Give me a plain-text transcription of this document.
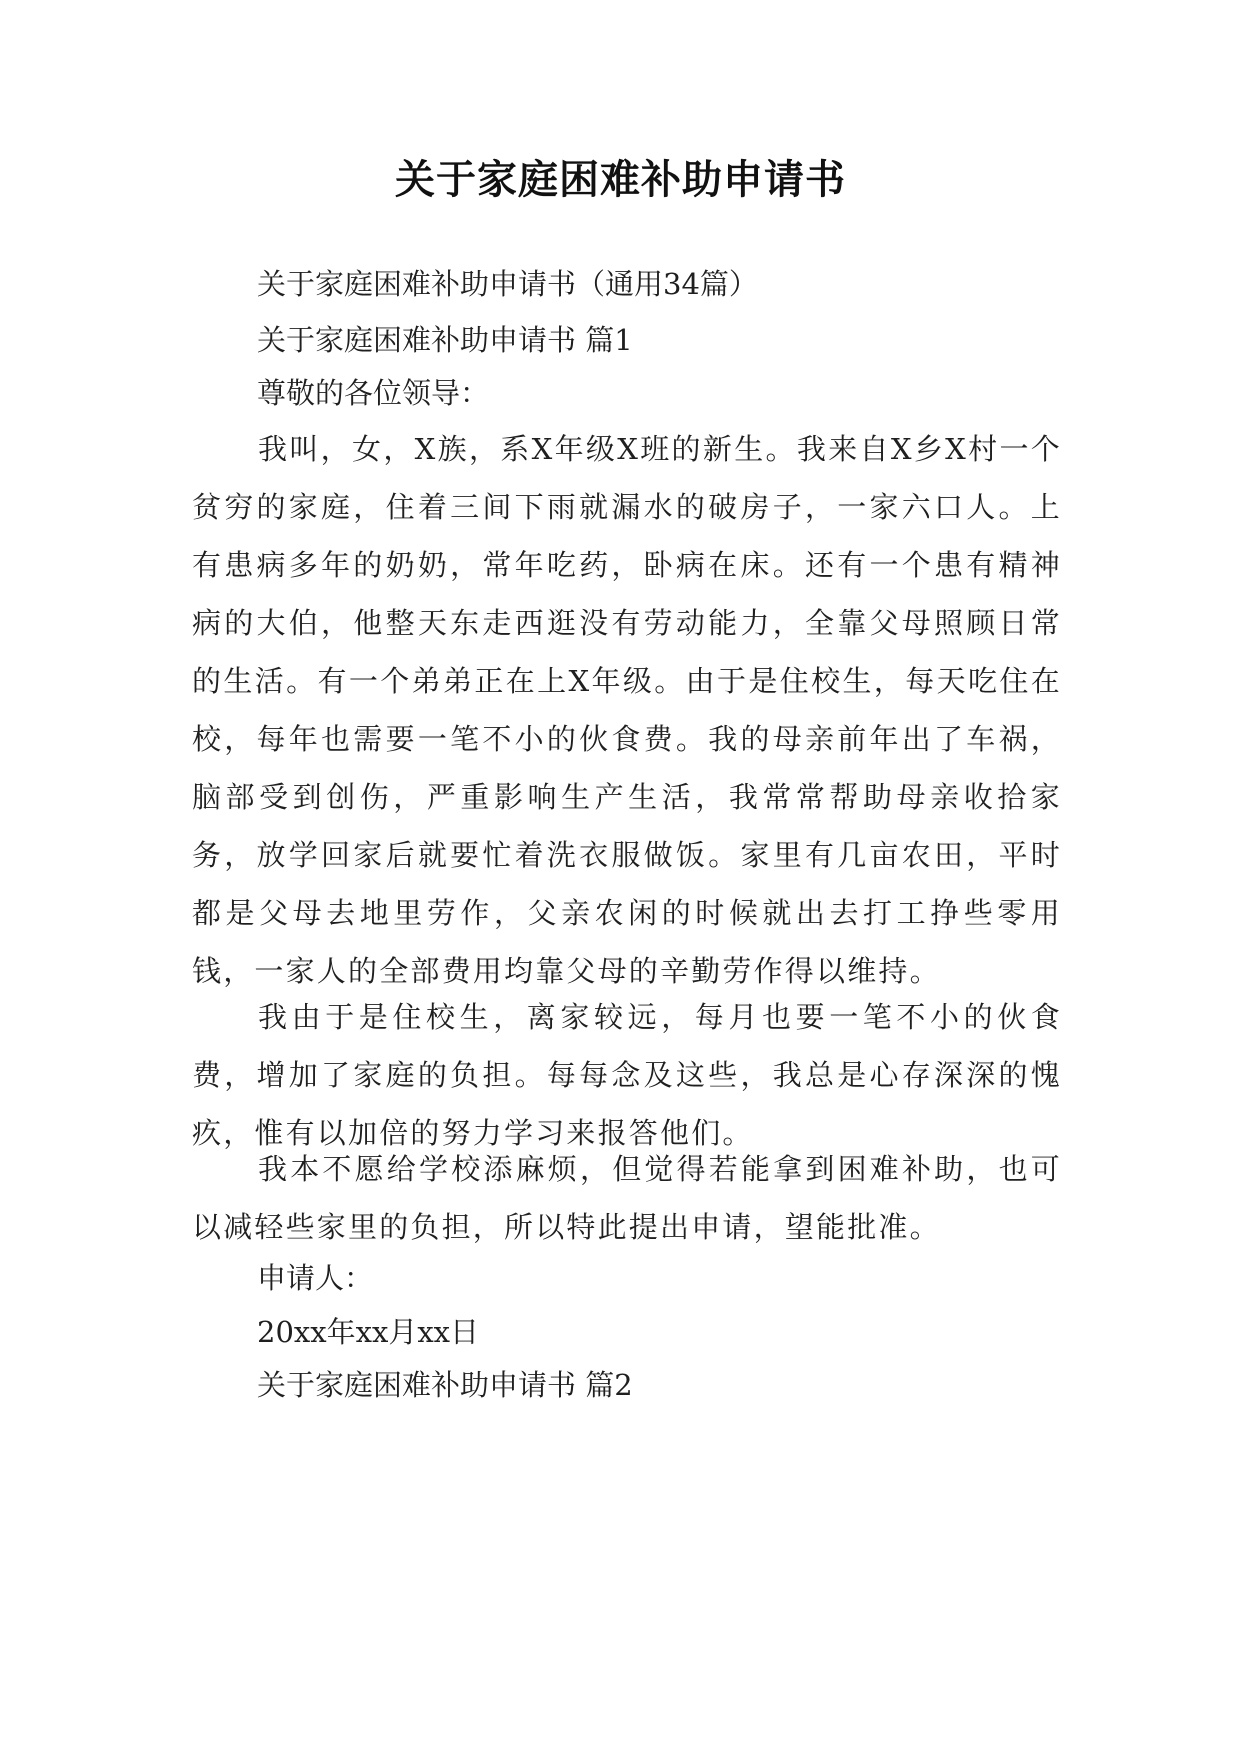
关于家庭困难补助申请书
关于家庭困难补助申请书（通用34篇）
关于家庭困难补助申请书 篇1
尊敬的各位领导：
我叫，女，X族，系X年级X班的新生。我来自X乡X村一个贫穷的家庭，住着三间下雨就漏水的破房子，一家六口人。上有患病多年的奶奶，常年吃药，卧病在床。还有一个患有精神病的大伯，他整天东走西逛没有劳动能力，全靠父母照顾日常的生活。有一个弟弟正在上X年级。由于是住校生，每天吃住在校，每年也需要一笔不小的伙食费。我的母亲前年出了车祸，脑部受到创伤，严重影响生产生活，我常常帮助母亲收拾家务，放学回家后就要忙着洗衣服做饭。家里有几亩农田，平时都是父母去地里劳作，父亲农闲的时候就出去打工挣些零用钱，一家人的全部费用均靠父母的辛勤劳作得以维持。
我由于是住校生，离家较远，每月也要一笔不小的伙食费，增加了家庭的负担。每每念及这些，我总是心存深深的愧疚，惟有以加倍的努力学习来报答他们。
我本不愿给学校添麻烦，但觉得若能拿到困难补助，也可以减轻些家里的负担，所以特此提出申请，望能批准。
申请人：
20xx年xx月xx日
关于家庭困难补助申请书 篇2
